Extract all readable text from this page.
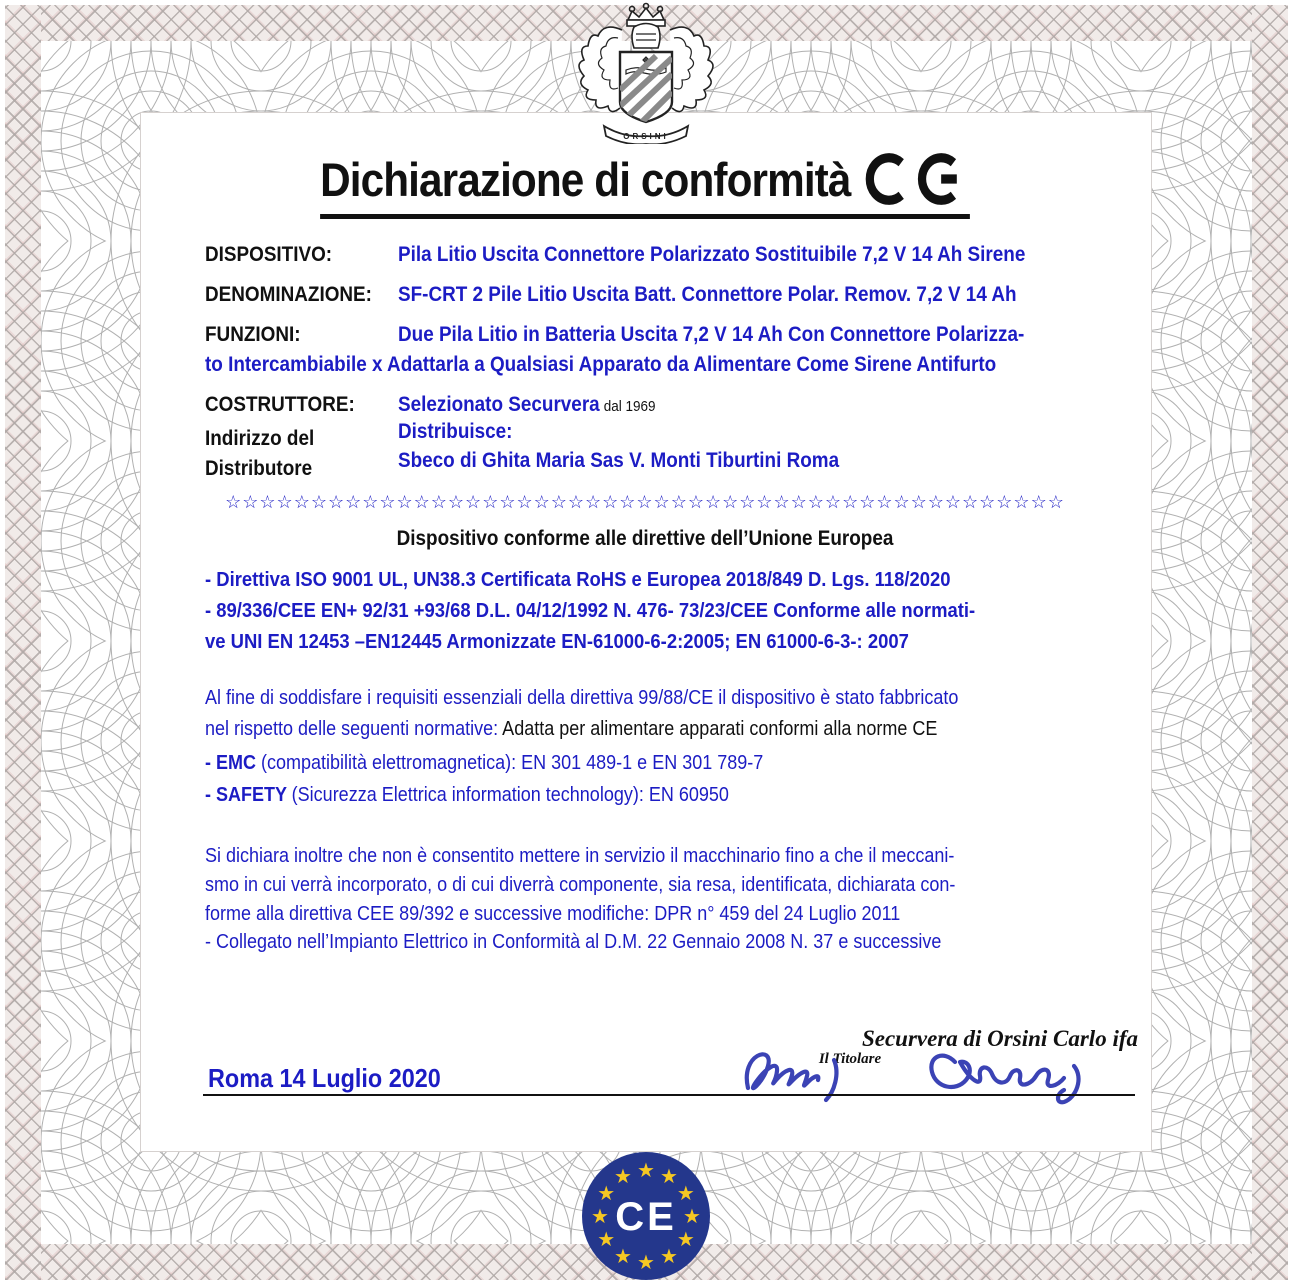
ORSINI
Dichiarazione di conformità
DISPOSITIVO:	Pila Litio Uscita Connettore Polarizzato Sostituibile 7,2 V 14 Ah Sirene
DENOMINAZIONE: SF-CRT 2 Pile Litio Uscita Batt. Connettore Polar. Remov. 7,2 V 14 Ah
FUNZIONI:	Due Pila Litio in Batteria Uscita 7,2 V 14 Ah Con Connettore Polarizza-
to Intercambiabile x Adattarla a Qualsiasi Apparato da Alimentare Come Sirene Antifurto
COSTRUTTORE: Selezionato Securvera dal 1969
Distribuisce:
Indirizzo del
Sbeco di Ghita Maria Sas V. Monti Tiburtini Roma
Distributore
☆☆☆☆☆☆☆☆☆☆☆☆☆☆☆☆☆☆☆☆☆☆☆☆☆☆☆☆☆☆☆☆☆☆☆☆☆☆☆☆☆☆☆☆☆☆☆☆☆
Dispositivo conforme alle direttive dell’Unione Europea
- Direttiva ISO 9001 UL, UN38.3 Certificata RoHS e Europea 2018/849 D. Lgs. 118/2020
- 89/336/CEE EN+ 92/31 +93/68 D.L. 04/12/1992 N. 476- 73/23/CEE Conforme alle normati-
ve UNI EN 12453 –EN12445 Armonizzate EN-61000-6-2:2005; EN 61000-6-3-: 2007
Al fine di soddisfare i requisiti essenziali della direttiva 99/88/CE il dispositivo è stato fabbricato
nel rispetto delle seguenti normative: Adatta per alimentare apparati conformi alla norme CE
- EMC (compatibilità elettromagnetica): EN 301 489-1 e EN 301 789-7
- SAFETY (Sicurezza Elettrica information technology): EN 60950
Si dichiara inoltre che non è consentito mettere in servizio il macchinario fino a che il meccani-
smo in cui verrà incorporato, o di cui diverrà componente, sia resa, identificata, dichiarata con-
forme alla direttiva CEE 89/392 e successive modifiche: DPR n° 459 del 24 Luglio 2011
- Collegato nell’Impianto Elettrico in Conformità al D.M. 22 Gennaio 2008 N. 37 e successive
Securvera di Orsini Carlo ifa
Il Titolare
Roma 14 Luglio 2020
★ ★
★
★
★
★
★
★
★
★
★
★
CE
